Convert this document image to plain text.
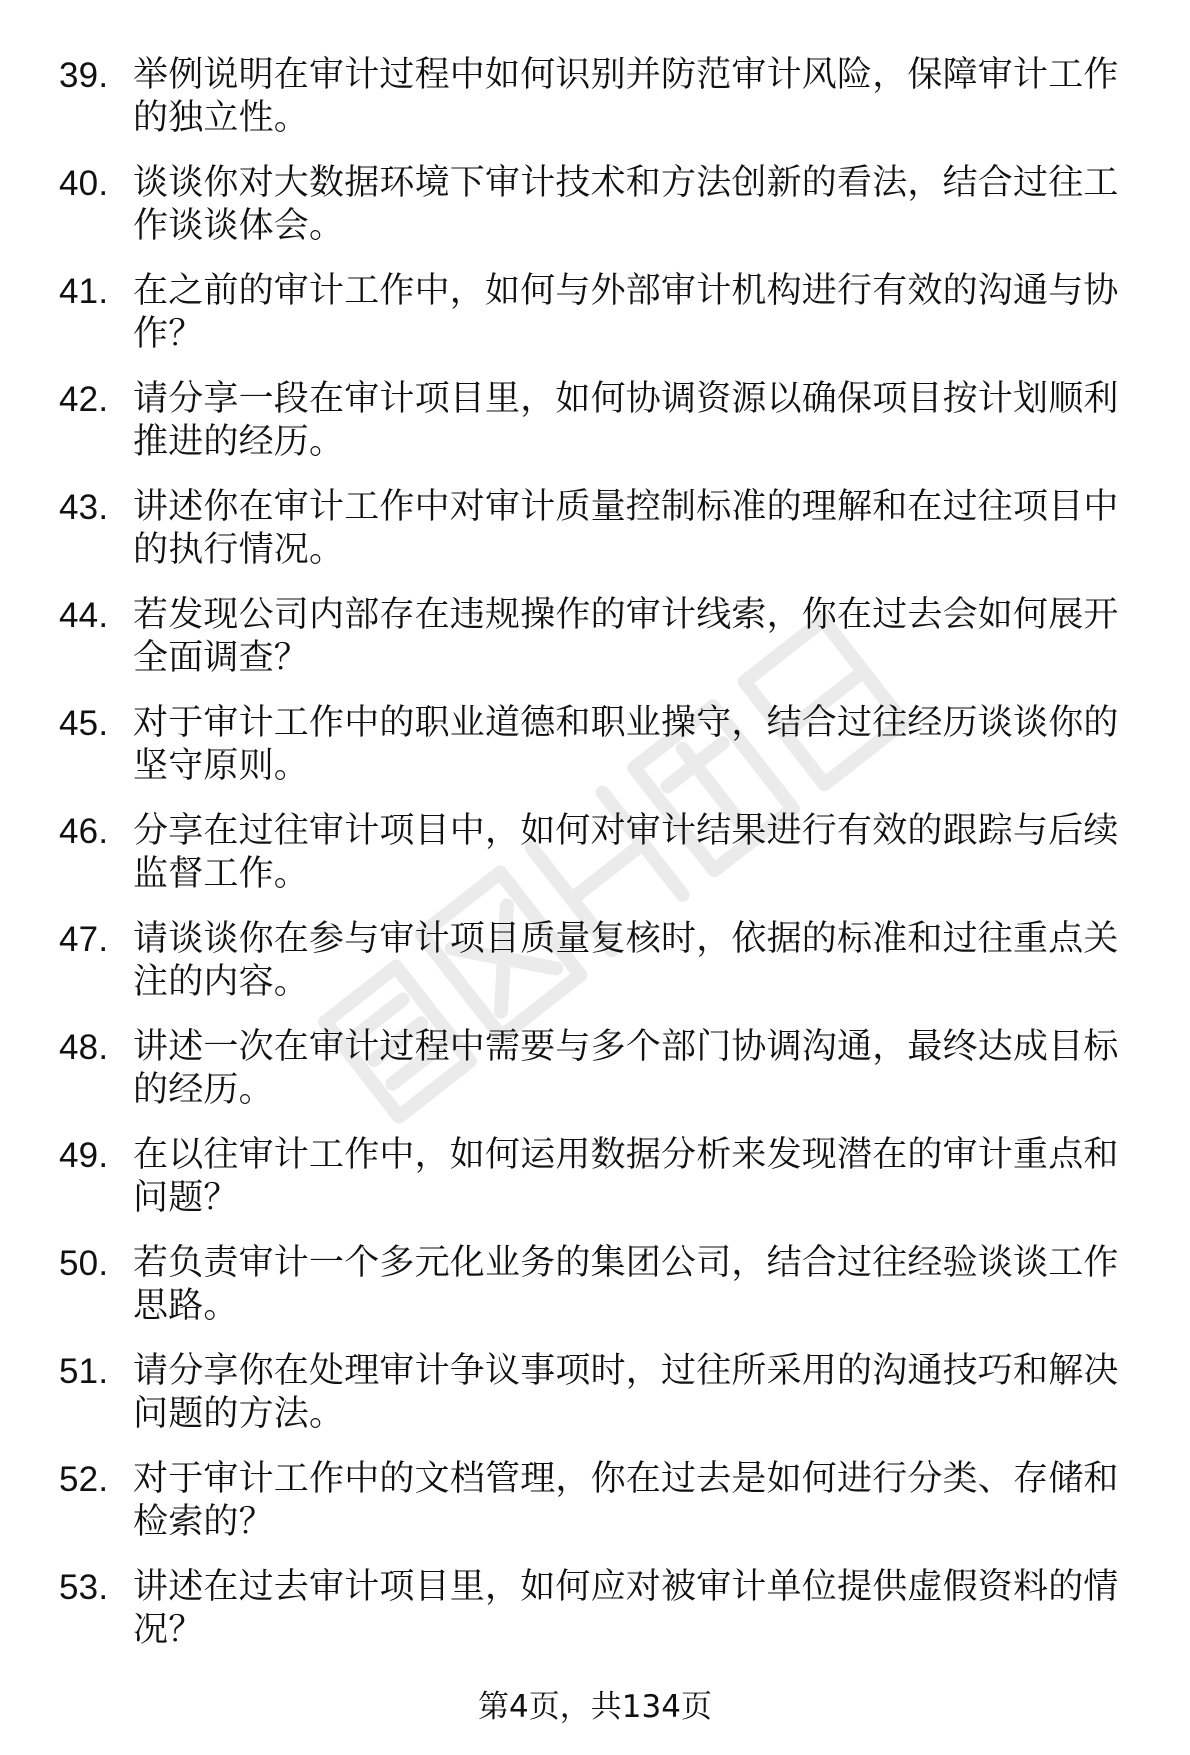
39. 举例说明在审计过程中如何识别并防范审计风险，保障审计工作的独立性。
40. 谈谈你对大数据环境下审计技术和方法创新的看法，结合过往工作谈谈体会。
41. 在之前的审计工作中，如何与外部审计机构进行有效的沟通与协作？
42. 请分享一段在审计项目里，如何协调资源以确保项目按计划顺利推进的经历。
43. 讲述你在审计工作中对审计质量控制标准的理解和在过往项目中的执行情况。
44. 若发现公司内部存在违规操作的审计线索，你在过去会如何展开全面调查？
45. 对于审计工作中的职业道德和职业操守，结合过往经历谈谈你的坚守原则。
46. 分享在过往审计项目中，如何对审计结果进行有效的跟踪与后续监督工作。
47. 请谈谈你在参与审计项目质量复核时，依据的标准和过往重点关注的内容。
48. 讲述一次在审计过程中需要与多个部门协调沟通，最终达成目标的经历。
49. 在以往审计工作中，如何运用数据分析来发现潜在的审计重点和问题？
50. 若负责审计一个多元化业务的集团公司，结合过往经验谈谈工作思路。
51. 请分享你在处理审计争议事项时，过往所采用的沟通技巧和解决问题的方法。
52. 对于审计工作中的文档管理，你在过去是如何进行分类、存储和检索的？
53. 讲述在过去审计项目里，如何应对被审计单位提供虚假资料的情况？
第4页，共134页
